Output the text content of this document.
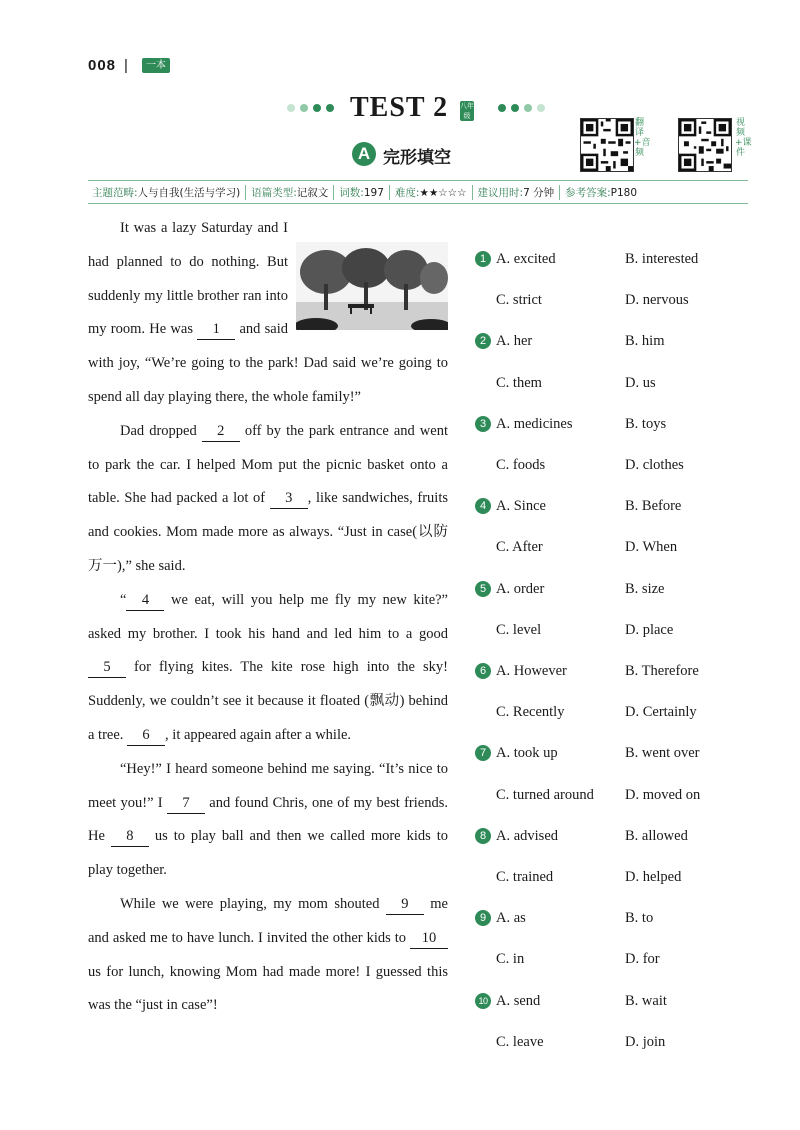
008 |	一本
TEST 2 八年级
A 完形填空
翻译+音频
视频+课件
主题范畴:人与自我(生活与学习)	语篇类型:记叙文	词数:197	难度:★★☆☆☆	建议用时:7 分钟	参考答案:P180

It was a lazy Saturday and I had planned to do nothing. But suddenly my little brother ran into my room. He was 1 and said with joy, “We’re going to the park! Dad said we’re going to spend all day playing there, the whole family!”

Dad dropped 2 off by the park entrance and went to park the car. I helped Mom put the picnic basket onto a table. She had packed a lot of 3 , like sandwiches, fruits and cookies. Mom made more as always. “Just in case(以防万一),” she said.

“ 4 we eat, will you help me fly my new kite?” asked my brother. I took his hand and led him to a good 5 for flying kites. The kite rose high into the sky! Suddenly, we couldn’t see it because it floated (飘动) behind a tree. 6 , it appeared again after a while.

“Hey!” I heard someone behind me saying. “It’s nice to meet you!” I 7 and found Chris, one of my best friends. He 8 us to play ball and then we called more kids to play together.

While we were playing, my mom shouted 9 me and asked me to have lunch. I invited the other kids to 10 us for lunch, knowing Mom had made more! I guessed this was the “just in case”!

1 A. excited	B. interested
C. strict	D. nervous
2 A. her	B. him
C. them	D. us
3 A. medicines	B. toys
C. foods	D. clothes
4 A. Since	B. Before
C. After	D. When
5 A. order	B. size
C. level	D. place
6 A. However	B. Therefore
C. Recently	D. Certainly
7 A. took up	B. went over
C. turned around D. moved on
8 A. advised	B. allowed
C. trained	D. helped
9 A. as	B. to
C. in	D. for
10 A. send	B. wait
C. leave	D. join
